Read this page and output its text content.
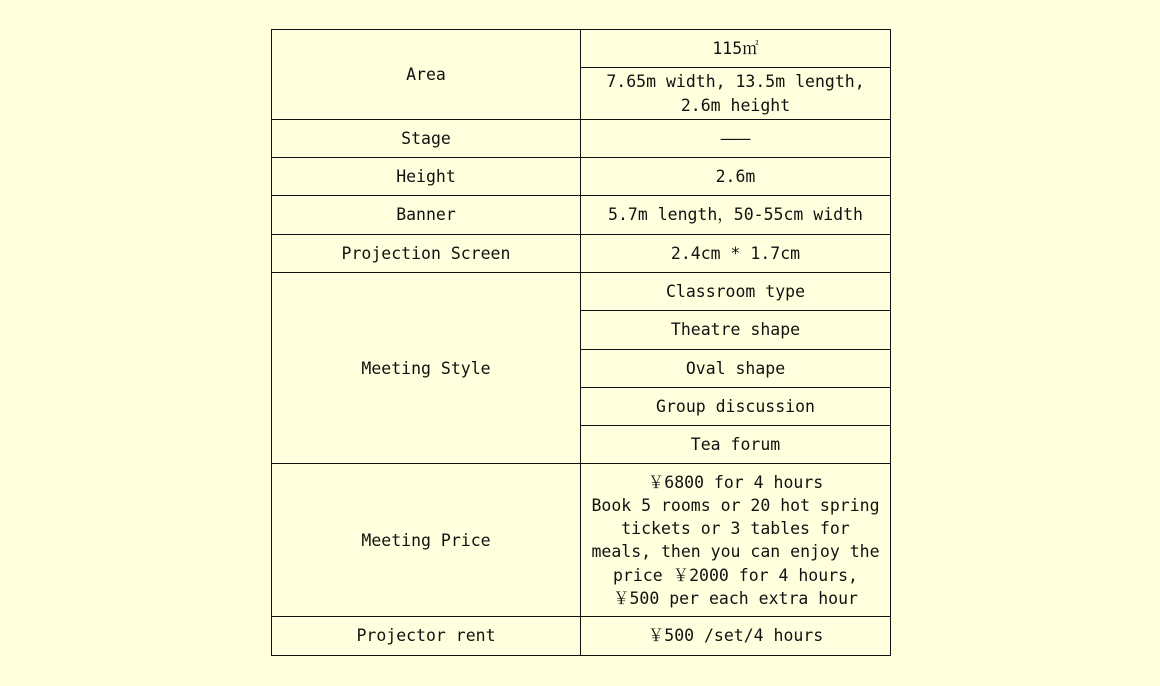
Area	115㎡
	7.65m width, 13.5m length, 2.6m height
Stage	———
Height	2.6m
Banner	5.7m length，50-55cm width
Projection Screen	2.4cm * 1.7cm
Meeting Style	Classroom type
	Theatre shape
	Oval shape
	Group discussion
	Tea forum
Meeting Price	￥6800 for 4 hours
Book 5 rooms or 20 hot spring tickets or 3 tables for meals, then you can enjoy the price ￥2000 for 4 hours, ￥500 per each extra hour

Projector rent	￥500 /set/4 hours
